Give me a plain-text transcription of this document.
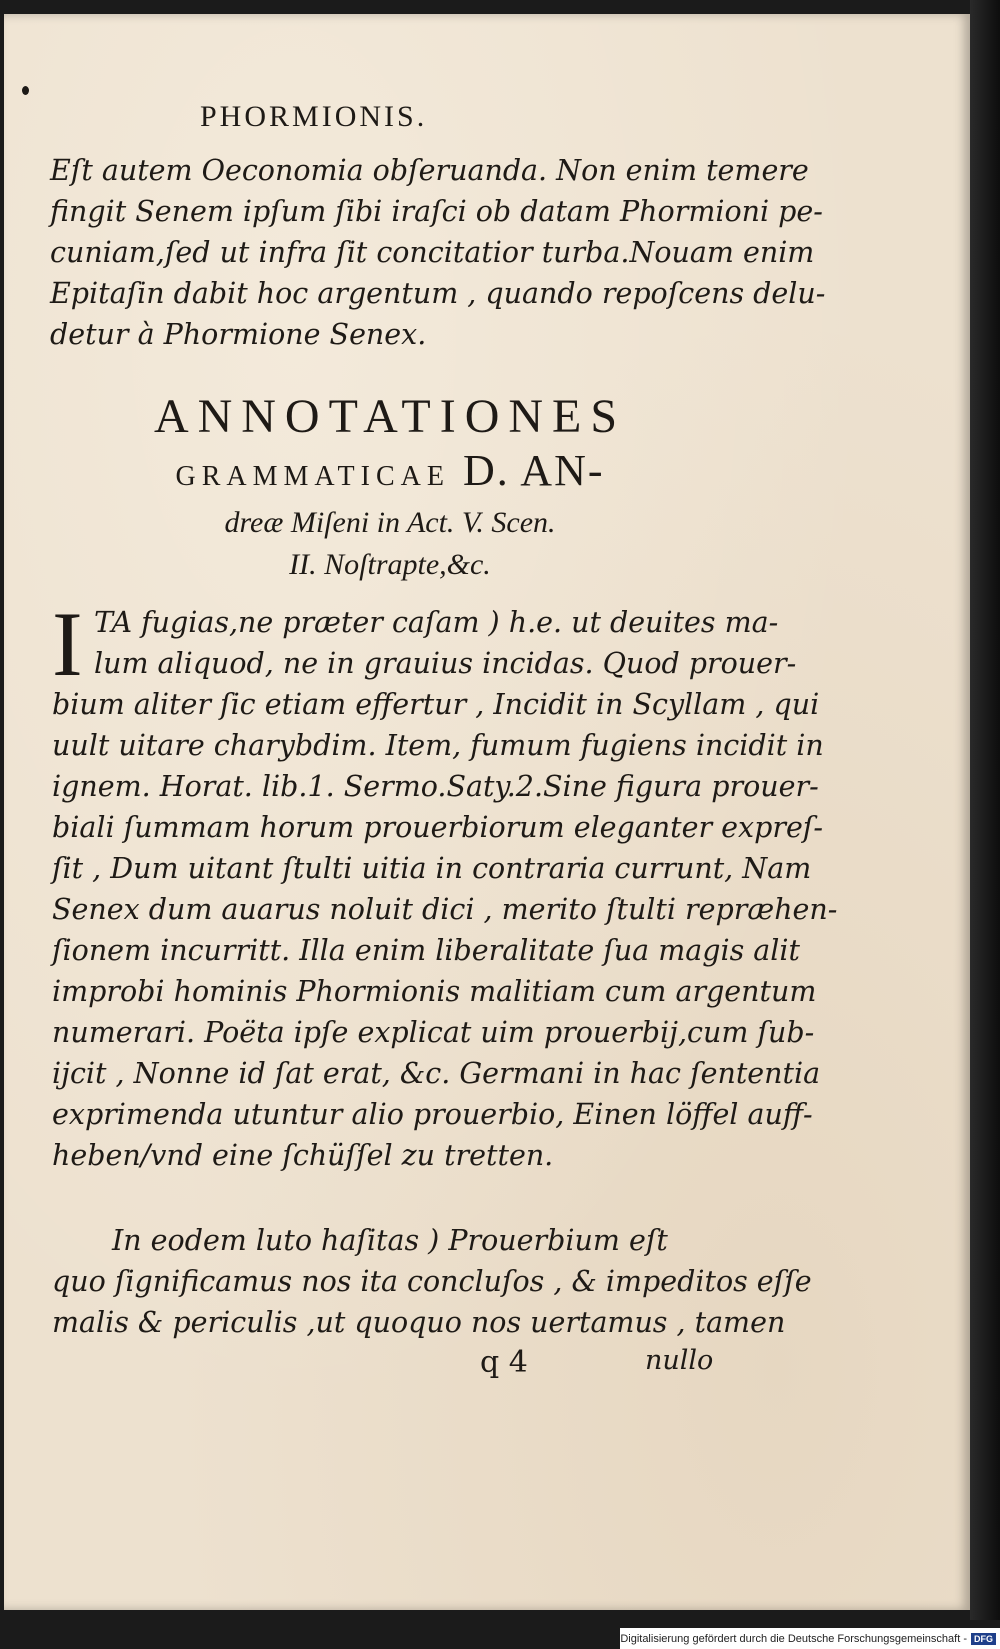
PHORMIONIS.
Eſt autem Oeconomia obſeruanda. Non enim temere
fingit Senem ipſum ſibi iraſci ob datam Phormioni pe-
cuniam,ſed ut infra ſit concitatior turba.Nouam enim
Epitaſin dabit hoc argentum , quando repoſcens delu-
detur à Phormione Senex.
ANNOTATIONES
GRAMMATICAE D. AN-
dreæ Miſeni in Act. V. Scen.
II. Noſtrapte,&c.
I TA fugias,ne præter caſam ) h.e. ut deuites ma-
lum aliquod, ne in grauius incidas. Quod prouer-
bium aliter ſic etiam effertur , Incidit in Scyllam , qui
uult uitare charybdim. Item, fumum fugiens incidit in
ignem. Horat. lib.1. Sermo.Saty.2.Sine figura prouer-
biali ſummam horum prouerbiorum eleganter expreſ-
ſit , Dum uitant ſtulti uitia in contraria currunt, Nam
Senex dum auarus noluit dici , merito ſtulti repræhen-
ſionem incurritt. Illa enim liberalitate ſua magis alit
improbi hominis Phormionis malitiam cum argentum
numerari. Poëta ipſe explicat uim prouerbij,cum ſub-
ijcit , Nonne id ſat erat, &c. Germani in hac ſententia
exprimenda utuntur alio prouerbio, Einen löffel auff-
heben/vnd eine ſchüſſel zu tretten.
In eodem luto haſitas ) Prouerbium eſt
quo ſignificamus nos ita concluſos , & impeditos eſſe
malis & periculis ,ut quoquo nos uertamus , tamen
q 4	nullo
Digitalisierung gefördert durch die Deutsche Forschungsgemeinschaft - DFG
